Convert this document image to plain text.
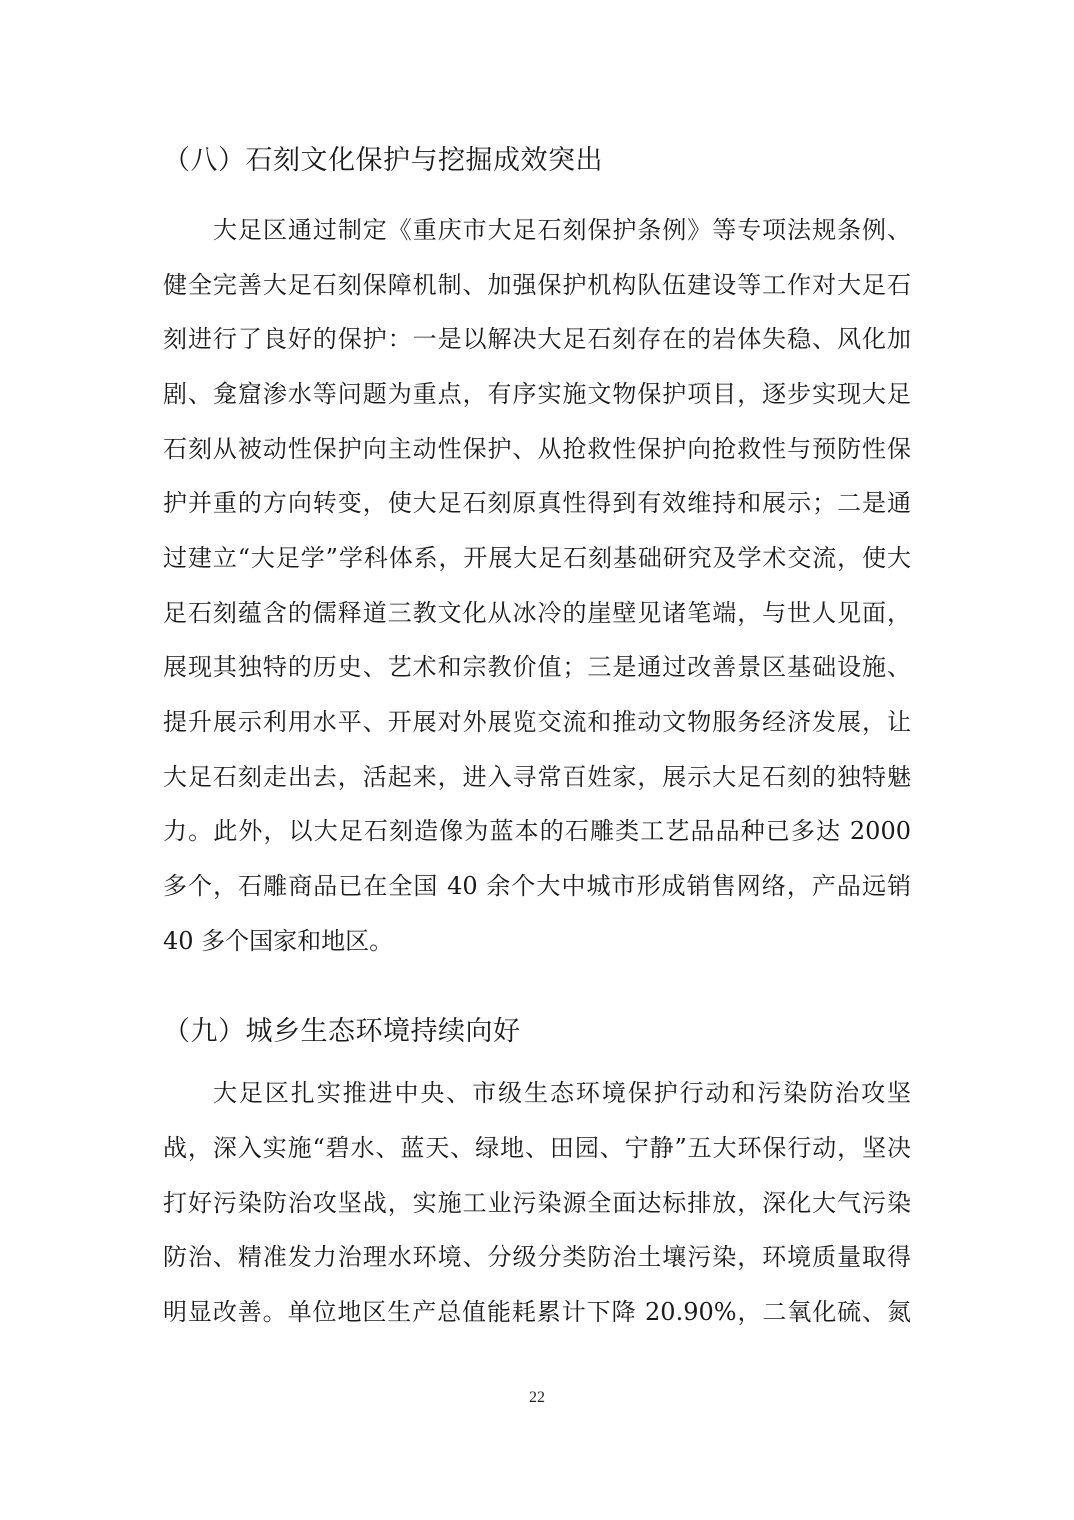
（八）石刻文化保护与挖掘成效突出

大足区通过制定《重庆市大足石刻保护条例》等专项法规条例、

健全完善大足石刻保障机制、加强保护机构队伍建设等工作对大足石

刻进行了良好的保护：一是以解决大足石刻存在的岩体失稳、风化加

剧、龛窟渗水等问题为重点，有序实施文物保护项目，逐步实现大足

石刻从被动性保护向主动性保护、从抢救性保护向抢救性与预防性保

护并重的方向转变，使大足石刻原真性得到有效维持和展示；二是通

过建立“大足学”学科体系，开展大足石刻基础研究及学术交流，使大

足石刻蕴含的儒释道三教文化从冰冷的崖壁见诸笔端，与世人见面，

展现其独特的历史、艺术和宗教价值；三是通过改善景区基础设施、

提升展示利用水平、开展对外展览交流和推动文物服务经济发展，让

大足石刻走出去，活起来，进入寻常百姓家，展示大足石刻的独特魅

力。此外，以大足石刻造像为蓝本的石雕类工艺品品种已多达 2000

多个，石雕商品已在全国 40 余个大中城市形成销售网络，产品远销

40 多个国家和地区。

（九）城乡生态环境持续向好

大足区扎实推进中央、市级生态环境保护行动和污染防治攻坚

战，深入实施“碧水、蓝天、绿地、田园、宁静”五大环保行动，坚决

打好污染防治攻坚战，实施工业污染源全面达标排放，深化大气污染

防治、精准发力治理水环境、分级分类防治土壤污染，环境质量取得

明显改善。单位地区生产总值能耗累计下降 20.90%，二氧化硫、氮

22
